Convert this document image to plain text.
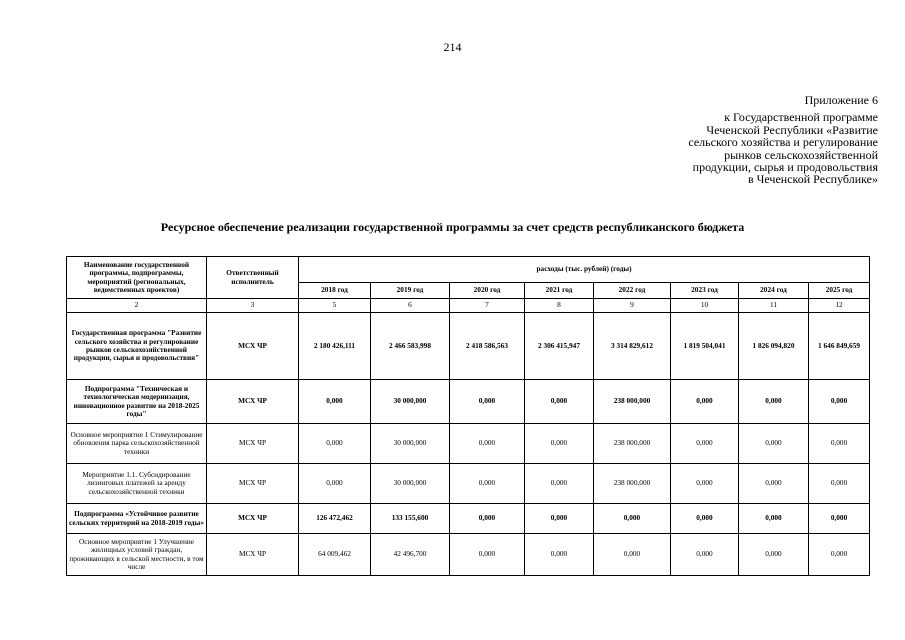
214
Приложение 6
к Государственной программе
Чеченской Республики «Развитие
сельского хозяйства и регулирование
рынков сельскохозяйственной
продукции, сырья и продовольствия
в Чеченской Республике»
Ресурсное обеспечение реализации государственной программы за счет средств республиканского бюджета
Наименование государственной программы, подпрограммы, мероприятий (региональных, ведомственных проектов)	Ответственный исполнитель	расходы (тыс. рублей) (годы)							
		2018 год	2019 год	2020 год	2021 год	2022 год	2023 год	2024 год	2025 год
2	3	5	6	7	8	9	10	11	12
Государственная программа "Развитие сельского хозяйства и регулирование рынков сельскохозяйственной продукции, сырья и продовольствия"	МСХ ЧР	2 180 426,111	2 466 583,998	2 418 586,563	2 306 415,947	3 314 829,612	1 819 504,041	1 826 094,820	1 646 849,659
Подпрограмма "Техническая и технологическая модернизация, инновационное развитие на 2018-2025 годы"	МСХ ЧР	0,000	30 000,000	0,000	0,000	238 000,000	0,000	0,000	0,000
Основное мероприятие 1 Стимулирование обновления парка сельскохозяйственной техники	МСХ ЧР	0,000	30 000,000	0,000	0,000	238 000,000	0,000	0,000	0,000
Мероприятие 1.1. Субсидирование лизинговых платежей за аренду сельскохозяйственной техники	МСХ ЧР	0,000	30 000,000	0,000	0,000	238 000,000	0,000	0,000	0,000
Подпрограмма «Устойчивое развитие сельских территорий на 2018-2019 годы»	МСХ ЧР	126 472,462	133 155,600	0,000	0,000	0,000	0,000	0,000	0,000
Основное мероприятие 1 Улучшение жилищных условий граждан, проживающих в сельской местности, в том числе	МСХ ЧР	64 009,462	42 496,700	0,000	0,000	0,000	0,000	0,000	0,000
